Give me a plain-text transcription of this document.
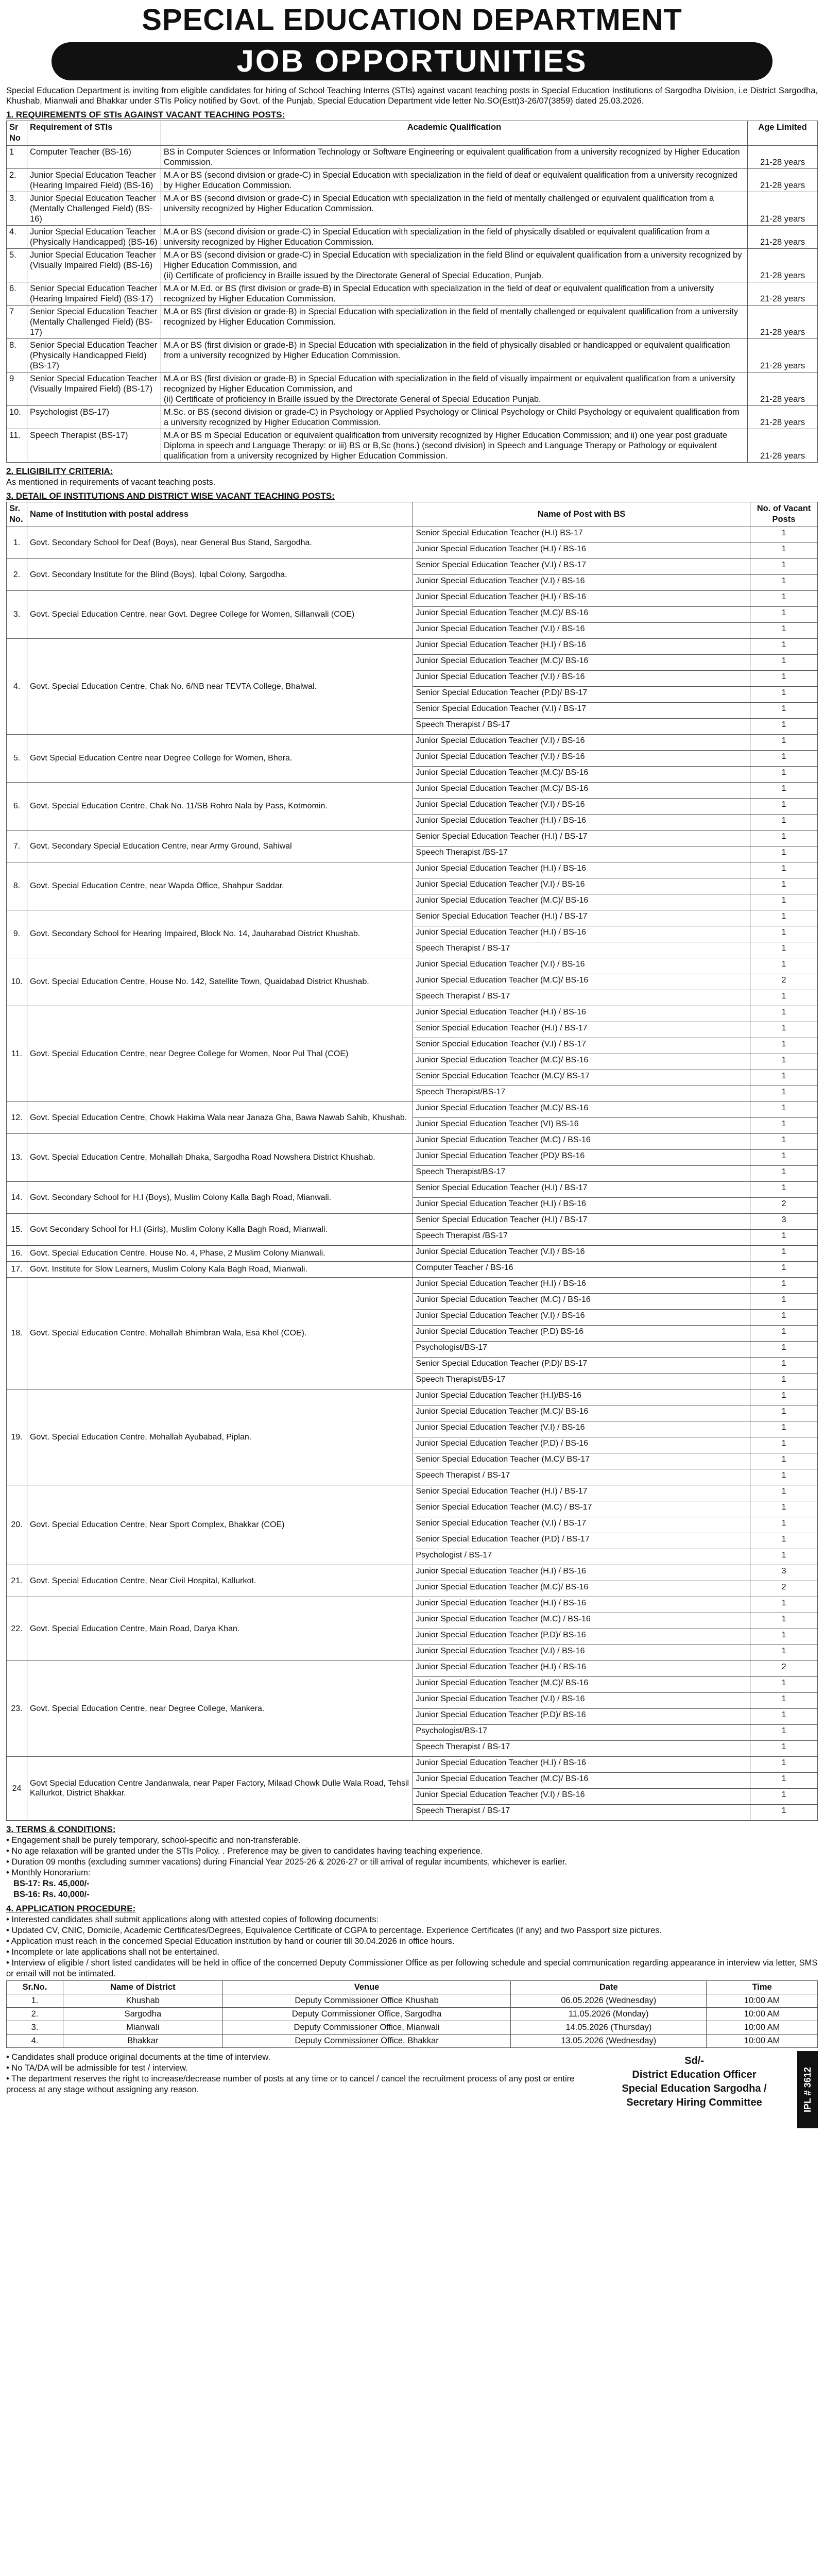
SPECIAL EDUCATION DEPARTMENT
JOB OPPORTUNITIES
Special Education Department is inviting from eligible candidates for hiring of School Teaching Interns (STIs) against vacant teaching posts in Special Education Institutions of Sargodha Division, i.e District Sargodha, Khushab, Mianwali and Bhakkar under STIs Policy notified by Govt. of the Punjab, Special Education Department vide letter No.SO(Estt)3-26/07(3859) dated 25.03.2026.
1. REQUIREMENTS OF STIs AGAINST VACANT TEACHING POSTS:
Sr No	Requirement of STIs	Academic Qualification	Age Limited
1	Computer Teacher (BS-16)	BS in Computer Sciences or Information Technology or Software Engineering or equivalent qualification from a university recognized by Higher Education Commission.	21-28 years
2.	Junior Special Education Teacher (Hearing Impaired Field) (BS-16)	M.A or BS (second division or grade-C) in Special Education with specialization in the field of deaf or equivalent qualification from a university recognized by Higher Education Commission.	21-28 years
3.	Junior Special Education Teacher (Mentally Challenged Field) (BS-16)	M.A or BS (second division or grade-C) in Special Education with specialization in the field of mentally challenged or equivalent qualification from a university recognized by Higher Education Commission.	21-28 years
4.	Junior Special Education Teacher (Physically Handicapped) (BS-16)	M.A or BS (second division or grade-C) in Special Education with specialization in the field of physically disabled or equivalent qualification from a university recognized by Higher Education Commission.	21-28 years
5.	Junior Special Education Teacher (Visually Impaired Field) (BS-16)	M.A or BS (second division or grade-C) in Special Education with specialization in the field Blind or equivalent qualification from a university recognized by Higher Education Commission, and
(ii) Certificate of proficiency in Braille issued by the Directorate General of Special Education, Punjab.	21-28 years
6.	Senior Special Education Teacher (Hearing Impaired Field) (BS-17)	M.A or M.Ed. or BS (first division or grade-B) in Special Education with specialization in the field of deaf or equivalent qualification from a university recognized by Higher Education Commission.	21-28 years
7	Senior Special Education Teacher (Mentally Challenged Field) (BS-17)	M.A or BS (first division or grade-B) in Special Education with specialization in the field of mentally challenged or equivalent qualification from a university recognized by Higher Education Commission.	21-28 years
8.	Senior Special Education Teacher (Physically Handicapped Field) (BS-17)	M.A or BS (first division or grade-B) in Special Education with specialization in the field of physically disabled or handicapped or equivalent qualification from a university recognized by Higher Education Commission.	21-28 years
9	Senior Special Education Teacher (Visually Impaired Field) (BS-17)	M.A or BS (first division or grade-B) in Special Education with specialization in the field of visually impairment or equivalent qualification from a university recognized by Higher Education Commission, and
(ii) Certificate of proficiency in Braille issued by the Directorate General of Special Education Punjab.	21-28 years
10.	Psychologist (BS-17)	M.Sc. or BS (second division or grade-C) in Psychology or Applied Psychology or Clinical Psychology or Child Psychology or equivalent qualification from a university recognized by Higher Education Commission.	21-28 years
11.	Speech Therapist (BS-17)	M.A or BS m Special Education or equivalent qualification from university recognized by Higher Education Commission; and ii) one year post graduate Diploma in speech and Language Therapy: or iii) BS or B,Sc (hons.) (second division) in Speech and Language Therapy or Pathology or equivalent qualification from a university recognized by Higher Education Commission.	21-28 years
2. ELIGIBILITY CRITERIA:
As mentioned in requirements of vacant teaching posts.
3. DETAIL OF INSTITUTIONS AND DISTRICT WISE VACANT TEACHING POSTS:
Sr. No.	Name of Institution with postal address	Name of Post with BS	No. of Vacant Posts
1.	Govt. Secondary School for Deaf (Boys), near General Bus Stand, Sargodha.	Senior Special Education Teacher (H.I) BS-17	1
		Junior Special Education Teacher (H.I) / BS-16	1
2.	Govt. Secondary Institute for the Blind (Boys), Iqbal Colony, Sargodha.	Senior Special Education Teacher (V.I) / BS-17	1
		Junior Special Education Teacher (V.I) / BS-16	1
3.	Govt. Special Education Centre, near Govt. Degree College for Women, Sillanwali (COE)	Junior Special Education Teacher (H.I) / BS-16	1
		Junior Special Education Teacher (M.C)/ BS-16	1
		Junior Special Education Teacher (V.I) / BS-16	1
4.	Govt. Special Education Centre, Chak No. 6/NB near TEVTA College, Bhalwal.	Junior Special Education Teacher (H.I) / BS-16	1
		Junior Special Education Teacher (M.C)/ BS-16	1
		Junior Special Education Teacher (V.I) / BS-16	1
		Senior Special Education Teacher (P.D)/ BS-17	1
		Senior Special Education Teacher (V.I) / BS-17	1
		Speech Therapist / BS-17	1
5.	Govt Special Education Centre near Degree College for Women, Bhera.	Junior Special Education Teacher (V.I) / BS-16	1
		Junior Special Education Teacher (V.I) / BS-16	1
		Junior Special Education Teacher (M.C)/ BS-16	1
6.	Govt. Special Education Centre, Chak No. 11/SB Rohro Nala by Pass, Kotmomin.	Junior Special Education Teacher (M.C)/ BS-16	1
		Junior Special Education Teacher (V.I) / BS-16	1
		Junior Special Education Teacher (H.I) / BS-16	1
7.	Govt. Secondary Special Education Centre, near Army Ground, Sahiwal	Senior Special Education Teacher (H.I) / BS-17	1
		Speech Therapist /BS-17	1
8.	Govt. Special Education Centre, near Wapda Office, Shahpur Saddar.	Junior Special Education Teacher (H.I) / BS-16	1
		Junior Special Education Teacher (V.I) / BS-16	1
		Junior Special Education Teacher (M.C)/ BS-16	1
9.	Govt. Secondary School for Hearing Impaired, Block No. 14, Jauharabad District Khushab.	Senior Special Education Teacher (H.I) / BS-17	1
		Junior Special Education Teacher (H.I) / BS-16	1
		Speech Therapist / BS-17	1
10.	Govt. Special Education Centre, House No. 142, Satellite Town, Quaidabad District Khushab.	Junior Special Education Teacher (V.I) / BS-16	1
		Junior Special Education Teacher (M.C)/ BS-16	2
		Speech Therapist / BS-17	1
11.	Govt. Special Education Centre, near Degree College for Women, Noor Pul Thal (COE)	Junior Special Education Teacher (H.I) / BS-16	1
		Senior Special Education Teacher (H.I) / BS-17	1
		Senior Special Education Teacher (V.I) / BS-17	1
		Junior Special Education Teacher (M.C)/ BS-16	1
		Senior Special Education Teacher (M.C)/ BS-17	1
		Speech Therapist/BS-17	1
12.	Govt. Special Education Centre, Chowk Hakima Wala near Janaza Gha, Bawa Nawab Sahib, Khushab.	Junior Special Education Teacher (M.C)/ BS-16	1
		Junior Special Education Teacher (VI) BS-16	1
13.	Govt. Special Education Centre, Mohallah Dhaka, Sargodha Road Nowshera District Khushab.	Junior Special Education Teacher (M.C) / BS-16	1
		Junior Special Education Teacher (PD)/ BS-16	1
		Speech Therapist/BS-17	1
14.	Govt. Secondary School for H.I (Boys), Muslim Colony Kalla Bagh Road, Mianwali.	Senior Special Education Teacher (H.I) / BS-17	1
		Junior Special Education Teacher (H.I) / BS-16	2
15.	Govt Secondary School for H.I (Girls), Muslim Colony Kalla Bagh Road, Mianwali.	Senior Special Education Teacher (H.I) / BS-17	3
		Speech Therapist /BS-17	1
16.	Govt. Special Education Centre, House No. 4, Phase, 2 Muslim Colony Mianwali.	Junior Special Education Teacher (V.I) / BS-16	1
17.	Govt. Institute for Slow Learners, Muslim Colony Kala Bagh Road, Mianwali.	Computer Teacher / BS-16	1
18.	Govt. Special Education Centre, Mohallah Bhimbran Wala, Esa Khel (COE).	Junior Special Education Teacher (H.I) / BS-16	1
		Junior Special Education Teacher (M.C) / BS-16	1
		Junior Special Education Teacher (V.I) / BS-16	1
		Junior Special Education Teacher (P.D) BS-16	1
		Psychologist/BS-17	1
		Senior Special Education Teacher (P.D)/ BS-17	1
		Speech Therapist/BS-17	1
19.	Govt. Special Education Centre, Mohallah Ayubabad, Piplan.	Junior Special Education Teacher (H.I)/BS-16	1
		Junior Special Education Teacher (M.C)/ BS-16	1
		Junior Special Education Teacher (V.I) / BS-16	1
		Junior Special Education Teacher (P.D) / BS-16	1
		Senior Special Education Teacher (M.C)/ BS-17	1
		Speech Therapist / BS-17	1
20.	Govt. Special Education Centre, Near Sport Complex, Bhakkar (COE)	Senior Special Education Teacher (H.I) / BS-17	1
		Senior Special Education Teacher (M.C) / BS-17	1
		Senior Special Education Teacher (V.I) / BS-17	1
		Senior Special Education Teacher (P.D) / BS-17	1
		Psychologist / BS-17	1
21.	Govt. Special Education Centre, Near Civil Hospital, Kallurkot.	Junior Special Education Teacher (H.I) / BS-16	3
		Junior Special Education Teacher (M.C)/ BS-16	2
22.	Govt. Special Education Centre, Main Road, Darya Khan.	Junior Special Education Teacher (H.I) / BS-16	1
		Junior Special Education Teacher (M.C) / BS-16	1
		Junior Special Education Teacher (P.D)/ BS-16	1
		Junior Special Education Teacher (V.I) / BS-16	1
23.	Govt. Special Education Centre, near Degree College, Mankera.	Junior Special Education Teacher (H.I) / BS-16	2
		Junior Special Education Teacher (M.C)/ BS-16	1
		Junior Special Education Teacher (V.I) / BS-16	1
		Junior Special Education Teacher (P.D)/ BS-16	1
		Psychologist/BS-17	1
		Speech Therapist / BS-17	1
24	Govt Special Education Centre Jandanwala, near Paper Factory, Milaad Chowk Dulle Wala Road, Tehsil Kallurkot, District Bhakkar.	Junior Special Education Teacher (H.I) / BS-16	1
		Junior Special Education Teacher (M.C)/ BS-16	1
		Junior Special Education Teacher (V.I) / BS-16	1
		Speech Therapist / BS-17	1
3. TERMS & CONDITIONS:
• Engagement shall be purely temporary, school-specific and non-transferable.
• No age relaxation will be granted under the STIs Policy. . Preference may be given to candidates having teaching experience.
• Duration 09 months (excluding summer vacations) during Financial Year 2025-26 & 2026-27 or till arrival of regular incumbents, whichever is earlier.
• Monthly Honorarium:
BS-17: Rs. 45,000/-
BS-16: Rs. 40,000/-
4. APPLICATION PROCEDURE:
• Interested candidates shall submit applications along with attested copies of following documents:
• Updated CV, CNIC, Domicile, Academic Certificates/Degrees, Equivalence Certificate of CGPA to percentage. Experience Certificates (if any) and two Passport size pictures.
• Application must reach in the concerned Special Education institution by hand or courier till 30.04.2026 in office hours.
• Incomplete or late applications shall not be entertained.
• Interview of eligible / short listed candidates will be held in office of the concerned Deputy Commissioner Office as per following schedule and special communication regarding appearance in interview via letter, SMS or email will not be intimated.
Sr.No.	Name of District	Venue	Date	Time
1.	Khushab	Deputy Commissioner Office Khushab	06.05.2026 (Wednesday)	10:00 AM
2.	Sargodha	Deputy Commissioner Office, Sargodha	11.05.2026 (Monday)	10:00 AM
3.	Mianwali	Deputy Commissioner Office, Mianwali	14.05.2026 (Thursday)	10:00 AM
4.	Bhakkar	Deputy Commissioner Office, Bhakkar	13.05.2026 (Wednesday)	10:00 AM
• Candidates shall produce original documents at the time of interview.
• No TA/DA will be admissible for test / interview.
• The department reserves the right to increase/decrease number of posts at any time or to cancel / cancel the recruitment process of any post or entire process at any stage without assigning any reason.
Sd/-
District Education Officer
Special Education Sargodha /
Secretary Hiring Committee	IPL # 3612
